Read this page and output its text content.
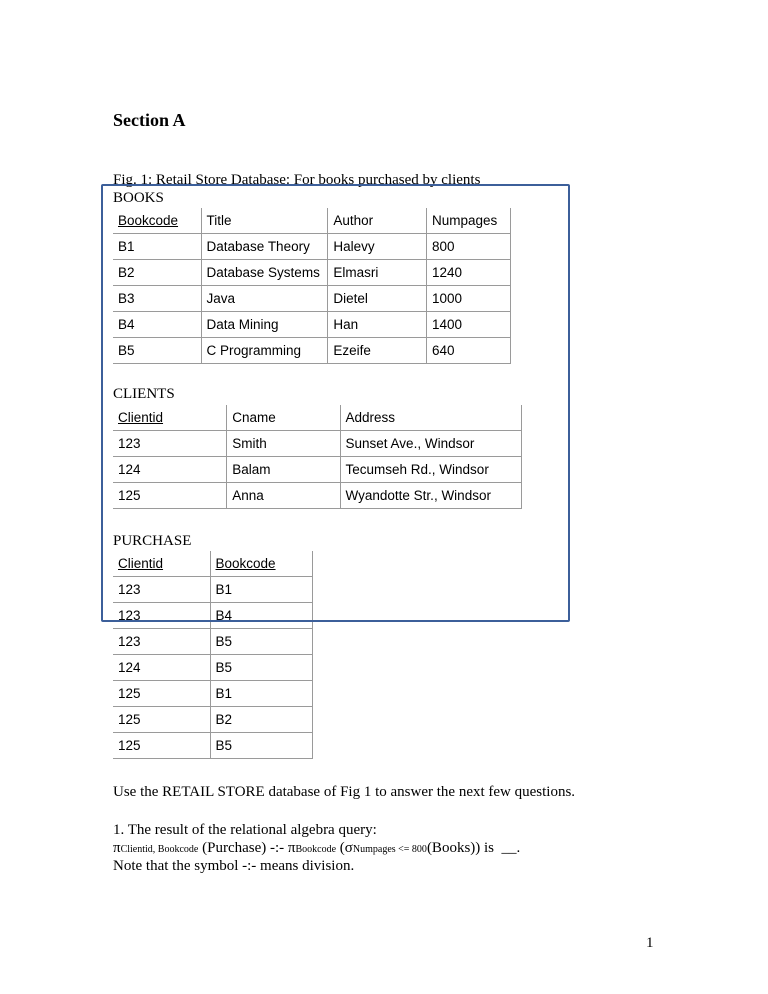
Section A
Fig. 1: Retail Store Database: For books purchased by clients
BOOKS
Bookcode	Title	Author	Numpages
B1	Database Theory	Halevy	800
B2	Database Systems	Elmasri	1240
B3	Java	Dietel	1000
B4	Data Mining	Han	1400
B5	C Programming	Ezeife	640
CLIENTS
Clientid	Cname	Address
123	Smith	Sunset Ave., Windsor
124	Balam	Tecumseh Rd., Windsor
125	Anna	Wyandotte Str., Windsor
PURCHASE
Clientid	Bookcode
123	B1
123	B4
123	B5
124	B5
125	B1
125	B2
125	B5
Use the RETAIL STORE database of Fig 1 to answer the next few questions.
1. The result of the relational algebra query:
πClientid, Bookcode (Purchase) -:- πBookcode (σNumpages <= 800(Books)) is  __.
Note that the symbol -:- means division.
1
